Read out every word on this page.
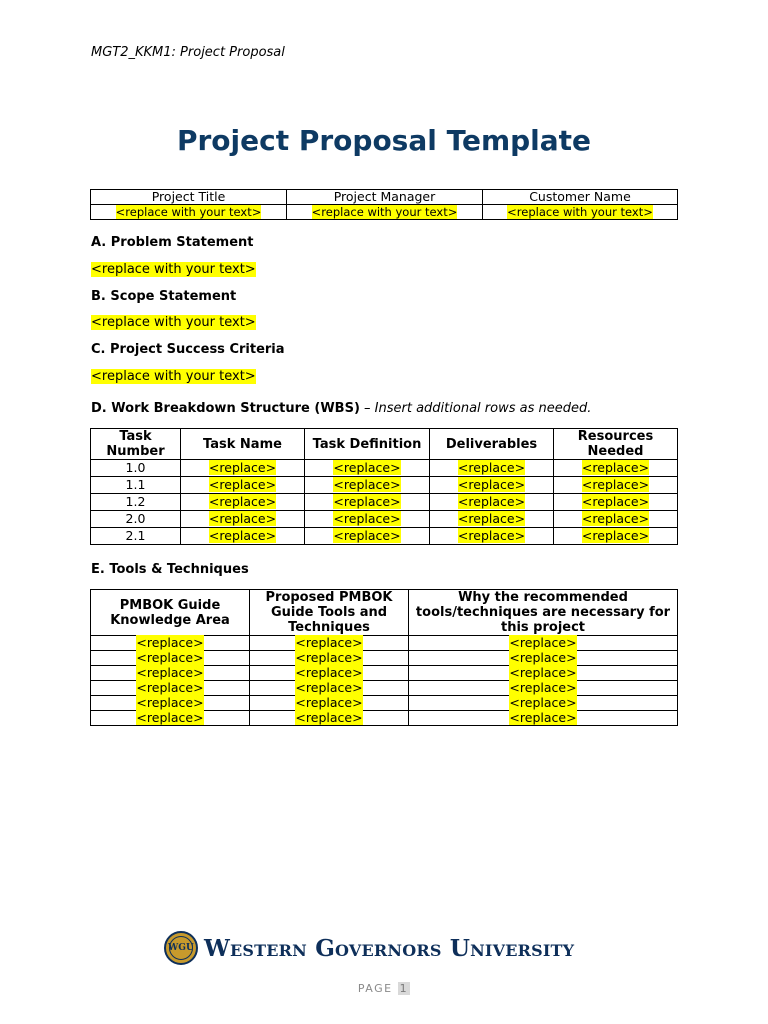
MGT2_KKM1: Project Proposal
Project Proposal Template
Project Title	Project Manager	Customer Name
<replace with your text>	<replace with your text>	<replace with your text>
A. Problem Statement
<replace with your text>
B. Scope Statement
<replace with your text>
C. Project Success Criteria
<replace with your text>
D. Work Breakdown Structure (WBS) – Insert additional rows as needed.
Task Number	Task Name	Task Definition	Deliverables	Resources Needed
1.0	<replace>	<replace>	<replace>	<replace>
1.1	<replace>	<replace>	<replace>	<replace>
1.2	<replace>	<replace>	<replace>	<replace>
2.0	<replace>	<replace>	<replace>	<replace>
2.1	<replace>	<replace>	<replace>	<replace>
E. Tools & Techniques
PMBOK Guide Knowledge Area	Proposed PMBOK Guide Tools and Techniques	Why the recommended tools/techniques are necessary for this project
<replace>	<replace>	<replace>
<replace>	<replace>	<replace>
<replace>	<replace>	<replace>
<replace>	<replace>	<replace>
<replace>	<replace>	<replace>
<replace>	<replace>	<replace>
WGU Western Governors University
PAGE 1
